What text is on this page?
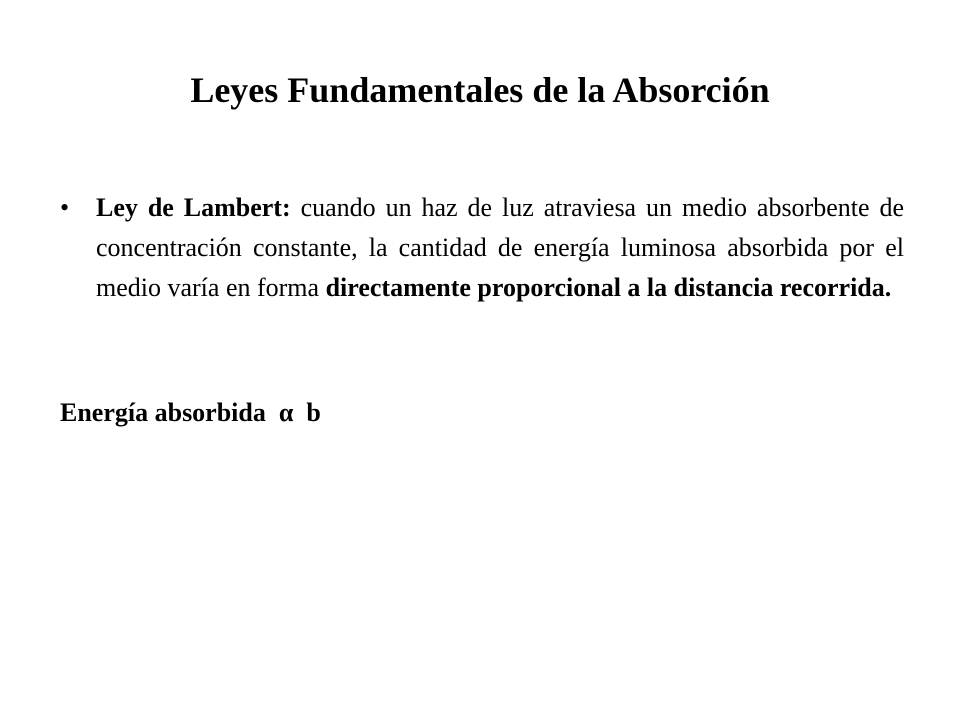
Leyes Fundamentales de la Absorción
• Ley de Lambert: cuando un haz de luz atraviesa un medio absorbente de concentración constante, la cantidad de energía luminosa absorbida por el medio varía en forma directamente proporcional a la distancia recorrida.

Energía absorbida  α  b
